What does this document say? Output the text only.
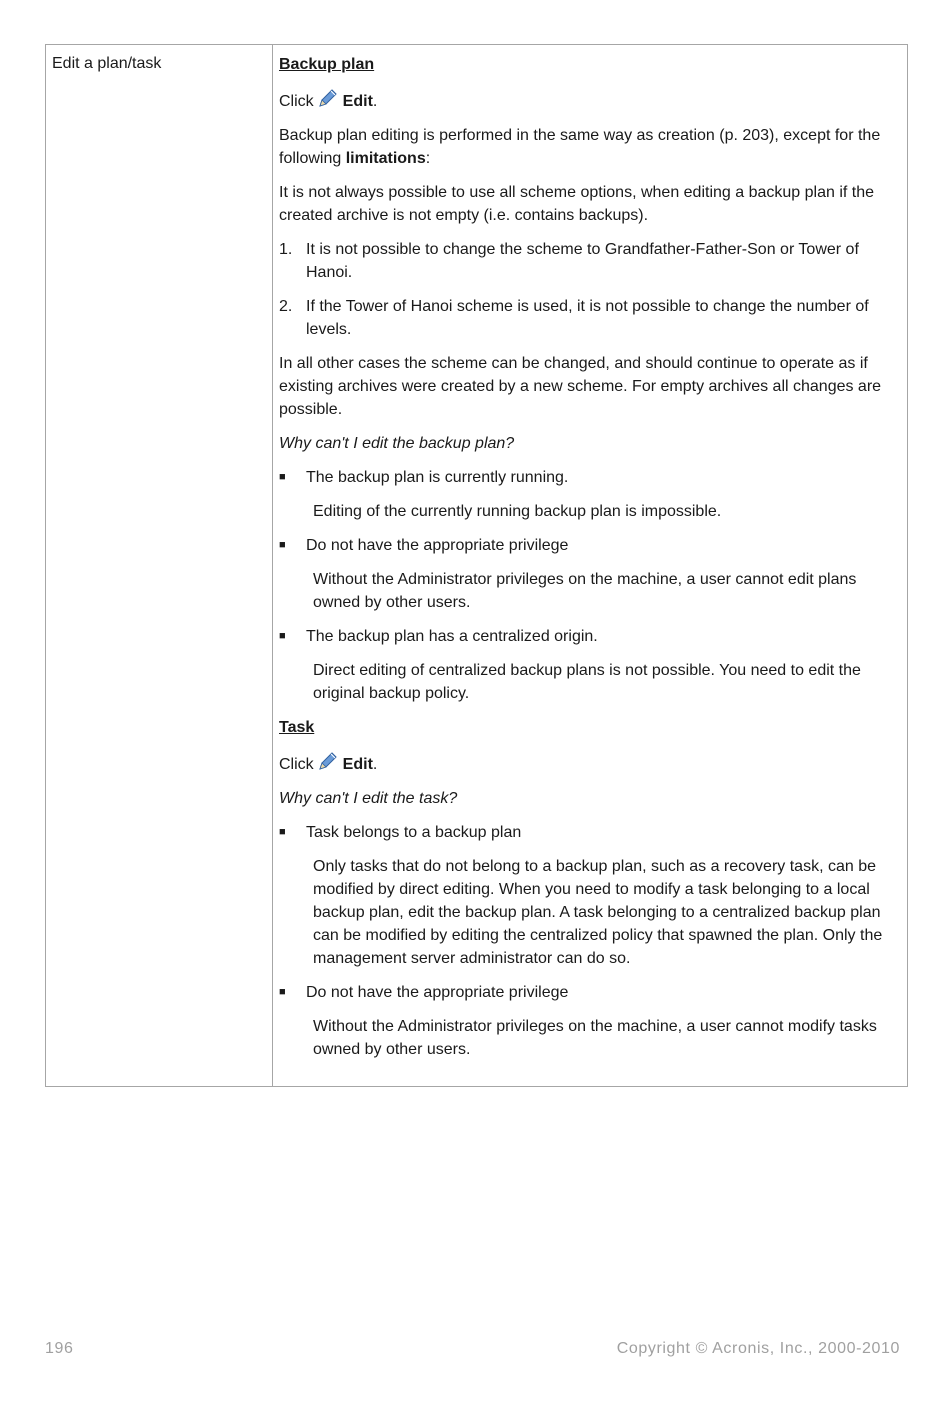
Edit a plan/task	Backup plan
Click Edit.
Backup plan editing is performed in the same way as creation (p. 203), except for the following limitations:
It is not always possible to use all scheme options, when editing a backup plan if the created archive is not empty (i.e. contains backups).
1. It is not possible to change the scheme to Grandfather-Father-Son or Tower of Hanoi.
2. If the Tower of Hanoi scheme is used, it is not possible to change the number of levels.
In all other cases the scheme can be changed, and should continue to operate as if existing archives were created by a new scheme. For empty archives all changes are possible.
Why can't I edit the backup plan?
■	The backup plan is currently running.
Editing of the currently running backup plan is impossible.
■	Do not have the appropriate privilege
Without the Administrator privileges on the machine, a user cannot edit plans owned by other users.
■	The backup plan has a centralized origin.
Direct editing of centralized backup plans is not possible. You need to edit the original backup policy.
Task
Click Edit.
Why can't I edit the task?
■	Task belongs to a backup plan
Only tasks that do not belong to a backup plan, such as a recovery task, can be modified by direct editing. When you need to modify a task belonging to a local backup plan, edit the backup plan. A task belonging to a centralized backup plan can be modified by editing the centralized policy that spawned the plan. Only the management server administrator can do so.
■	Do not have the appropriate privilege
Without the Administrator privileges on the machine, a user cannot modify tasks owned by other users.
196	Copyright © Acronis, Inc., 2000-2010
